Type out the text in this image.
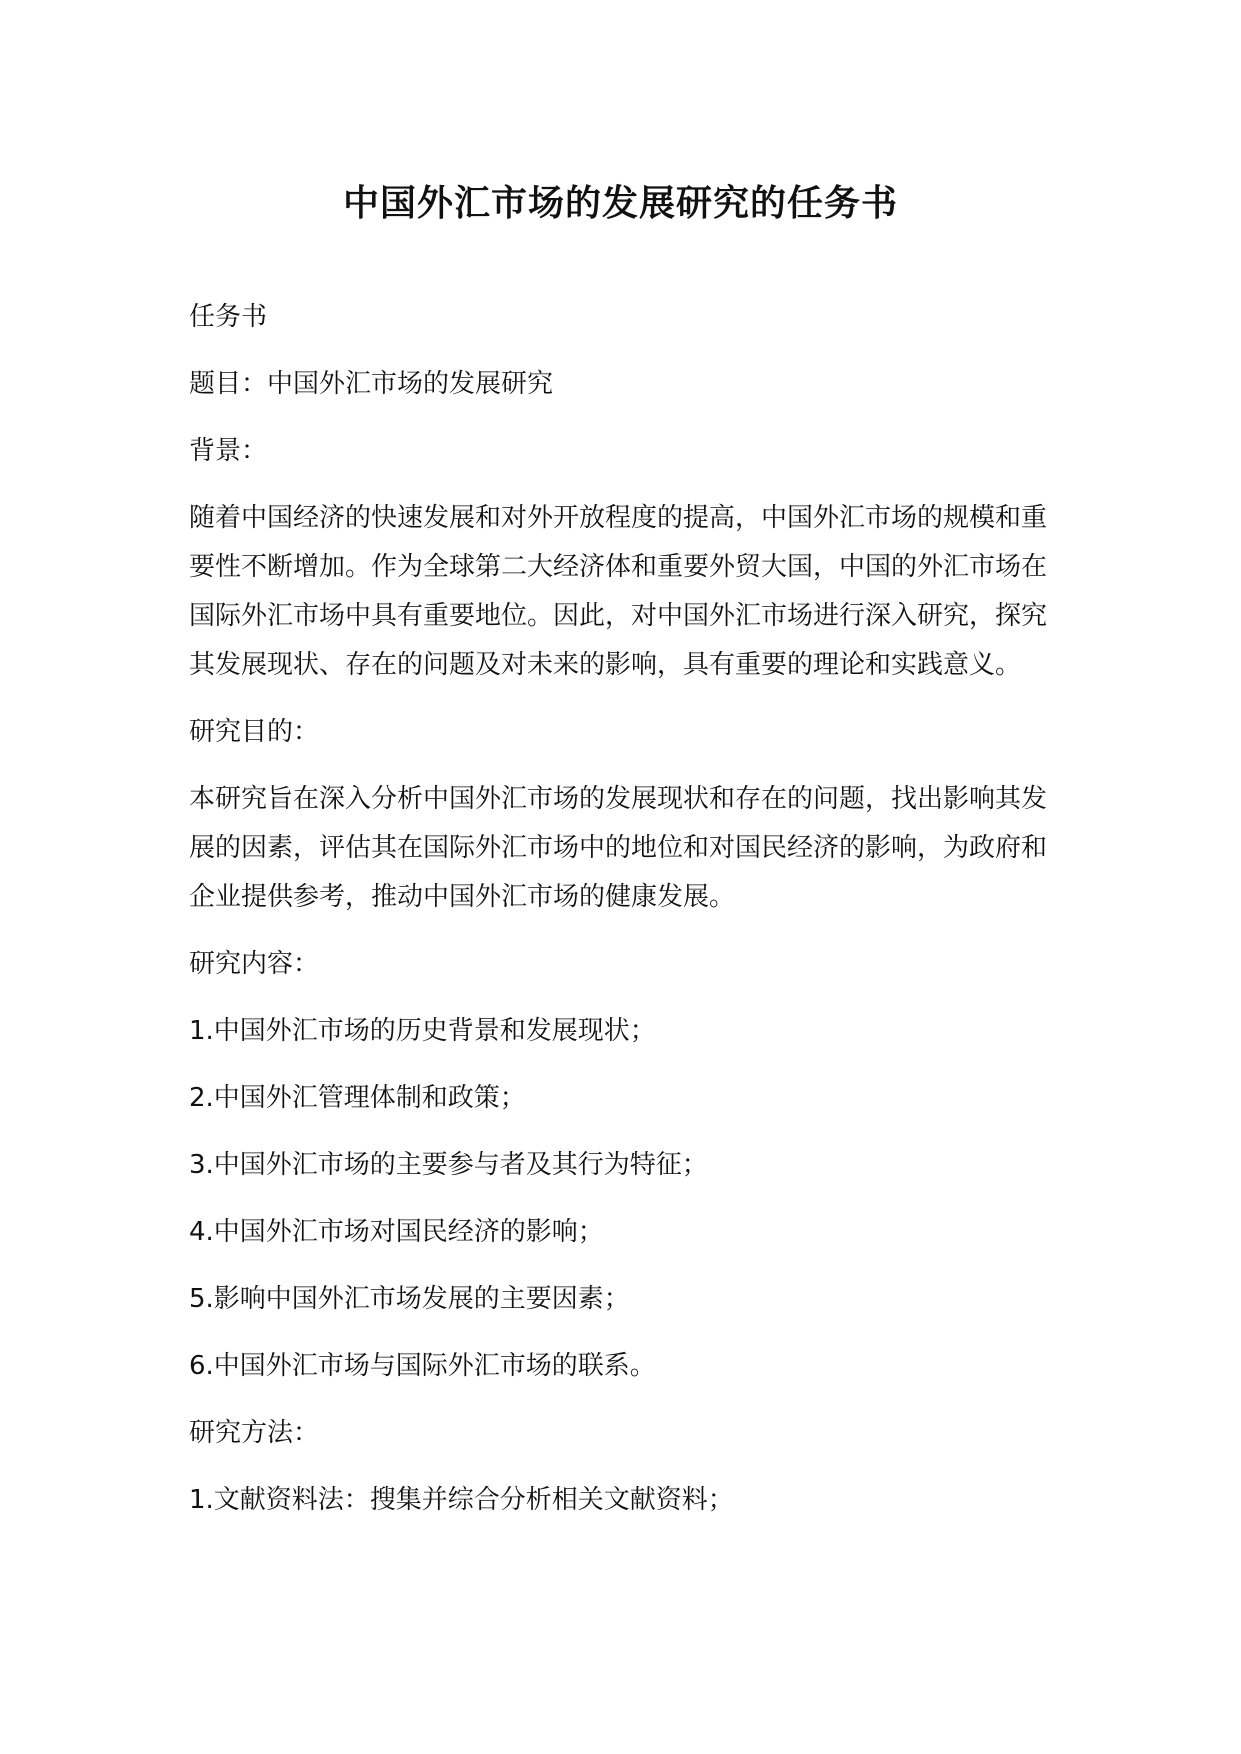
中国外汇市场的发展研究的任务书

任务书

题目：中国外汇市场的发展研究

背景：

随着中国经济的快速发展和对外开放程度的提高，中国外汇市场的规模和重要性不断增加。作为全球第二大经济体和重要外贸大国，中国的外汇市场在国际外汇市场中具有重要地位。因此，对中国外汇市场进行深入研究，探究其发展现状、存在的问题及对未来的影响，具有重要的理论和实践意义。

研究目的：

本研究旨在深入分析中国外汇市场的发展现状和存在的问题，找出影响其发展的因素，评估其在国际外汇市场中的地位和对国民经济的影响，为政府和企业提供参考，推动中国外汇市场的健康发展。

研究内容：

1.中国外汇市场的历史背景和发展现状；

2.中国外汇管理体制和政策；

3.中国外汇市场的主要参与者及其行为特征；

4.中国外汇市场对国民经济的影响；

5.影响中国外汇市场发展的主要因素；

6.中国外汇市场与国际外汇市场的联系。

研究方法：

1.文献资料法：搜集并综合分析相关文献资料；
